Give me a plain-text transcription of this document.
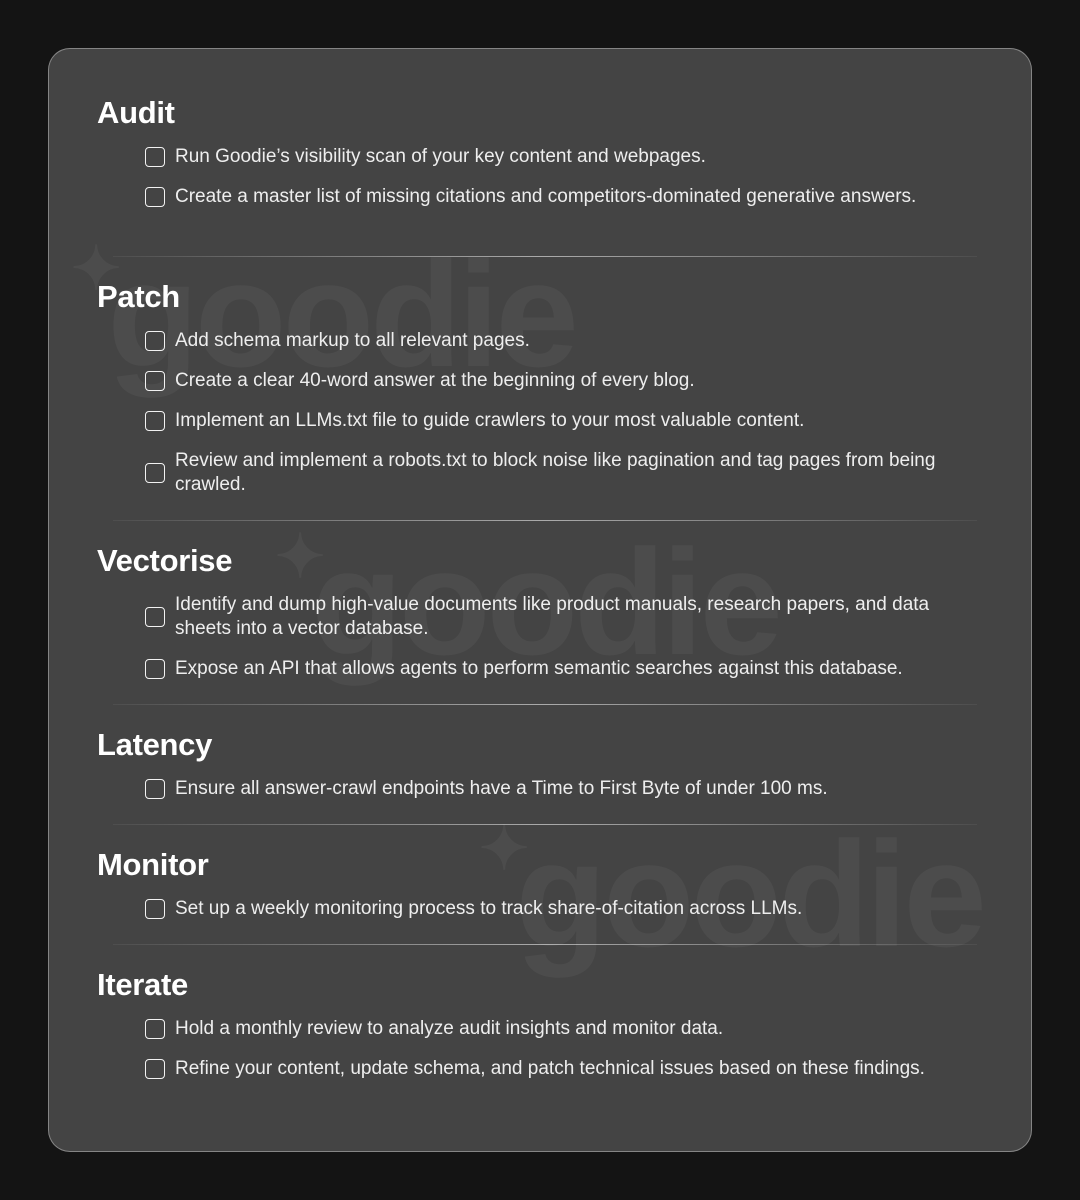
Audit
Run Goodie’s visibility scan of your key content and webpages.
Create a master list of missing citations and competitors-dominated generative answers.
Patch
Add schema markup to all relevant pages.
Create a clear 40-word answer at the beginning of every blog.
Implement an LLMs.txt file to guide crawlers to your most valuable content.
Review and implement a robots.txt to block noise like pagination and tag pages from being crawled.
Vectorise
Identify and dump high-value documents like product manuals, research papers, and data sheets into a vector database.
Expose an API that allows agents to perform semantic searches against this database.
Latency
Ensure all answer-crawl endpoints have a Time to First Byte of under 100 ms.
Monitor
Set up a weekly monitoring process to track share-of-citation across LLMs.
Iterate
Hold a monthly review to analyze audit insights and monitor data.
Refine your content, update schema, and patch technical issues based on these findings.
